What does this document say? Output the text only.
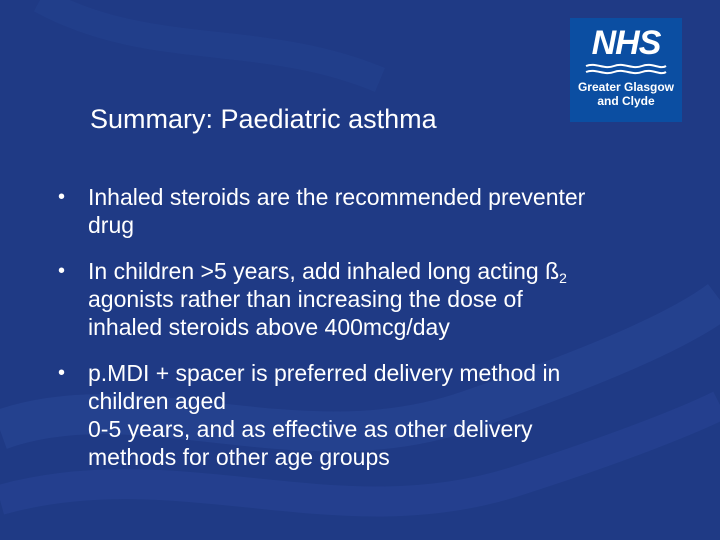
NHS
Greater Glasgow
and Clyde
Summary: Paediatric asthma
• Inhaled steroids are the recommended preventer
drug
• In children >5 years, add inhaled long acting $ß_2$
agonists rather than increasing the dose of
inhaled steroids above 400mcg/day
• p.MDI + spacer is preferred delivery method in
children aged
0-5 years, and as effective as other delivery
methods for other age groups
